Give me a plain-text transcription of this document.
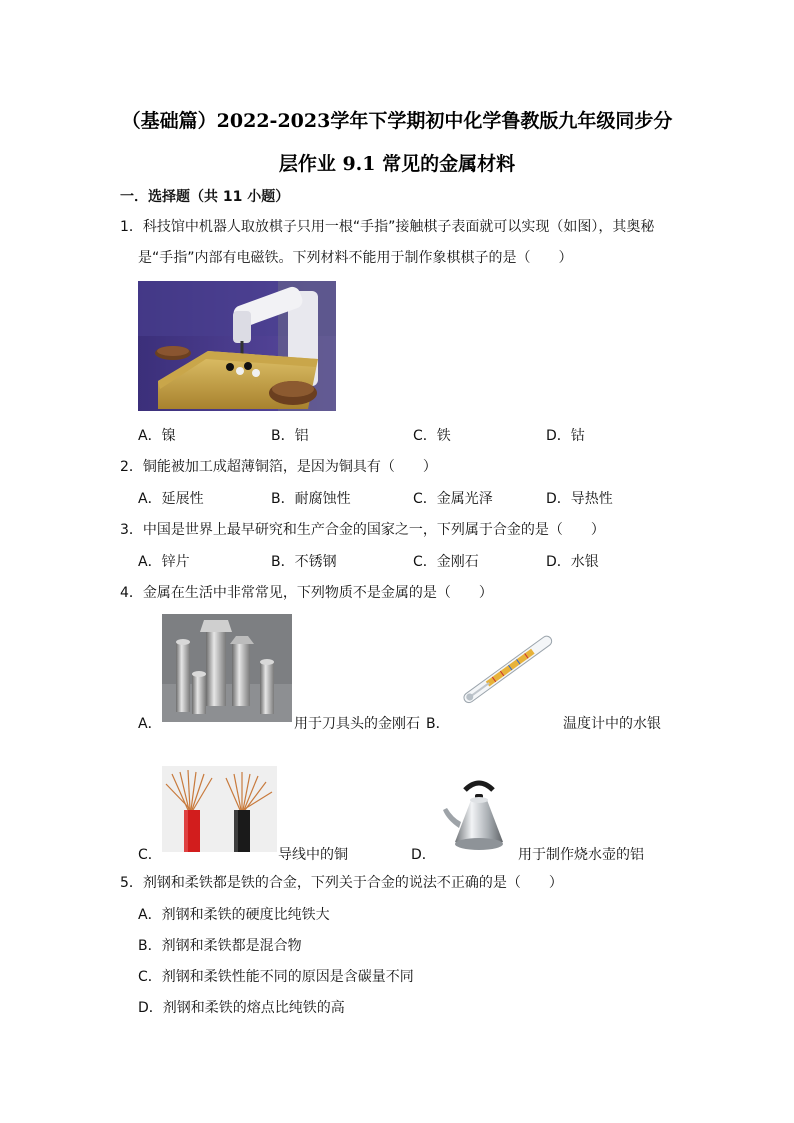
（基础篇）2022-2023学年下学期初中化学鲁教版九年级同步分
层作业 9.1 常见的金属材料
一．选择题（共 11 小题）
1．科技馆中机器人取放棋子只用一根“手指”接触棋子表面就可以实现（如图），其奥秘
是“手指”内部有电磁铁。下列材料不能用于制作象棋棋子的是（　　）
A．镍	B．铝	C．铁	D．钴
2．铜能被加工成超薄铜箔，是因为铜具有（　　）
A．延展性	B．耐腐蚀性	C．金属光泽	D．导热性
3．中国是世界上最早研究和生产合金的国家之一，下列属于合金的是（　　）
A．锌片	B．不锈钢	C．金刚石	D．水银
4．金属在生活中非常常见，下列物质不是金属的是（　　）
A．	用于刀具头的金刚石 B．	温度计中的水银
C．	导线中的铜	D．	用于制作烧水壶的铝
5．剂钢和柔铁都是铁的合金，下列关于合金的说法不正确的是（　　）
A．剂钢和柔铁的硬度比纯铁大
B．剂钢和柔铁都是混合物
C．剂钢和柔铁性能不同的原因是含碳量不同
D．剂钢和柔铁的熔点比纯铁的高
